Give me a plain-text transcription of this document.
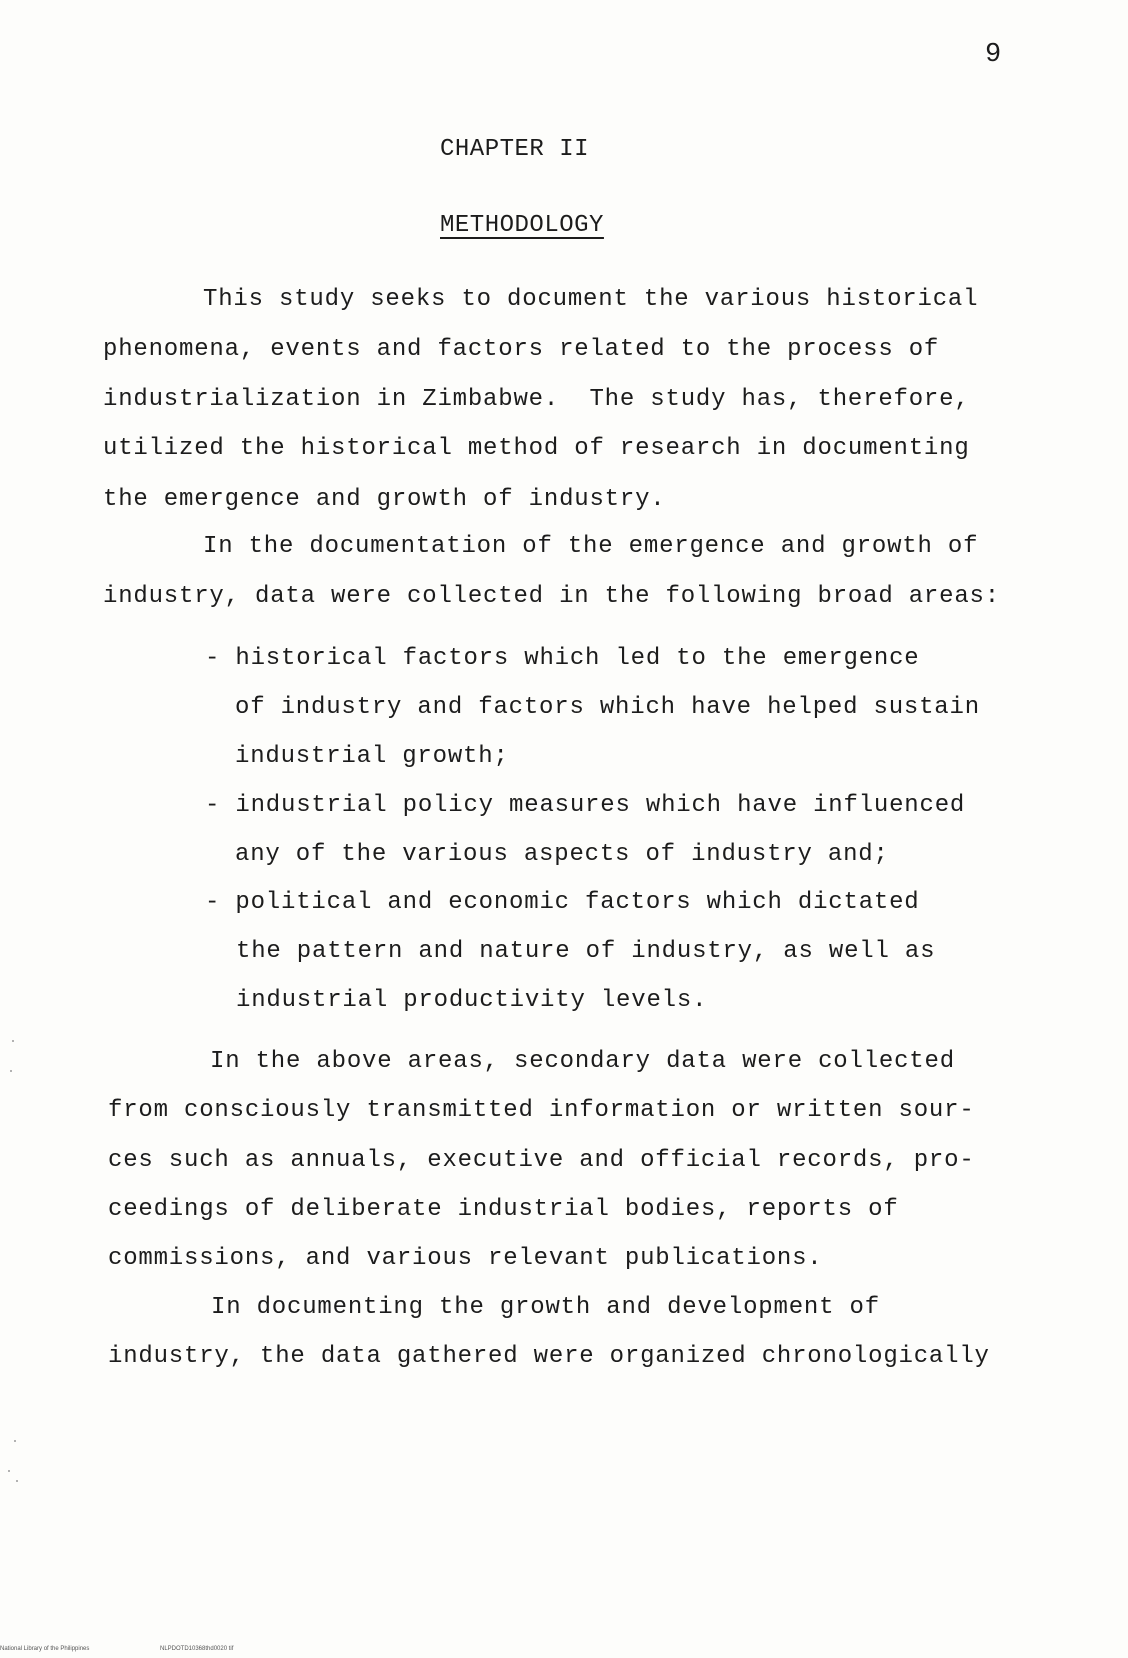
9
CHAPTER II
METHODOLOGY
This study seeks to document the various historical
phenomena, events and factors related to the process of
industrialization in Zimbabwe.  The study has, therefore,
utilized the historical method of research in documenting
the emergence and growth of industry.
In the documentation of the emergence and growth of
industry, data were collected in the following broad areas:
- historical factors which led to the emergence
of industry and factors which have helped sustain
industrial growth;
- industrial policy measures which have influenced
any of the various aspects of industry and;
- political and economic factors which dictated
the pattern and nature of industry, as well as
industrial productivity levels.
In the above areas, secondary data were collected
from consciously transmitted information or written sour-
ces such as annuals, executive and official records, pro-
ceedings of deliberate industrial bodies, reports of
commissions, and various relevant publications.
In documenting the growth and development of
industry, the data gathered were organized chronologically
National Library of the Philippines	NLPDOTD10368thd0020 tif
